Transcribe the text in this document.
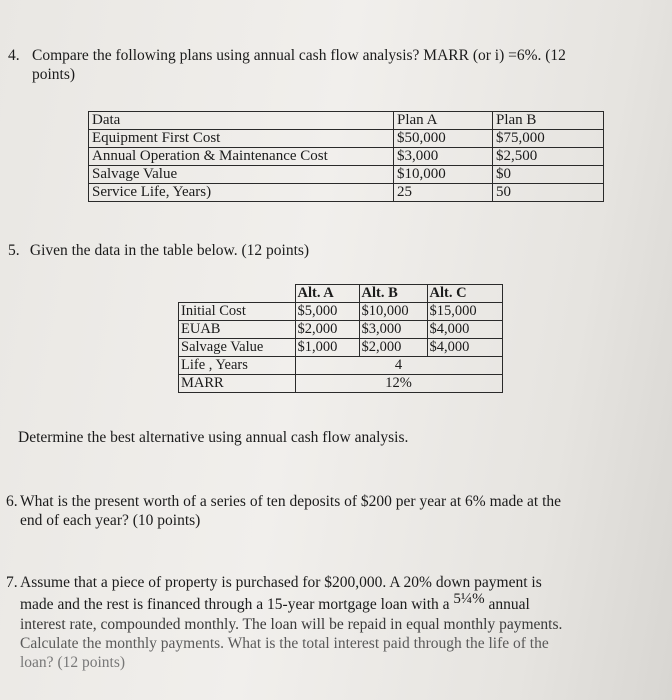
4. Compare the following plans using annual cash flow analysis? MARR (or i) =6%. (12
points)
Data	Plan A	Plan B
Equipment First Cost	$50,000	$75,000
Annual Operation & Maintenance Cost	$3,000	$2,500
Salvage Value	$10,000	$0
Service Life, Years)	25	50
5. Given the data in the table below. (12 points)
	Alt. A	Alt. B	Alt. C
Initial Cost	$5,000	$10,000	$15,000
EUAB	$2,000	$3,000	$4,000
Salvage Value	$1,000	$2,000	$4,000
Life , Years	4		
MARR	12%		
Determine the best alternative using annual cash flow analysis.
6. What is the present worth of a series of ten deposits of $200 per year at 6% made at the
end of each year? (10 points)
7. Assume that a piece of property is purchased for $200,000. A 20% down payment is
made and the rest is financed through a 15-year mortgage loan with a 5¼% annual
interest rate, compounded monthly. The loan will be repaid in equal monthly payments.
Calculate the monthly payments. What is the total interest paid through the life of the
loan? (12 points)
